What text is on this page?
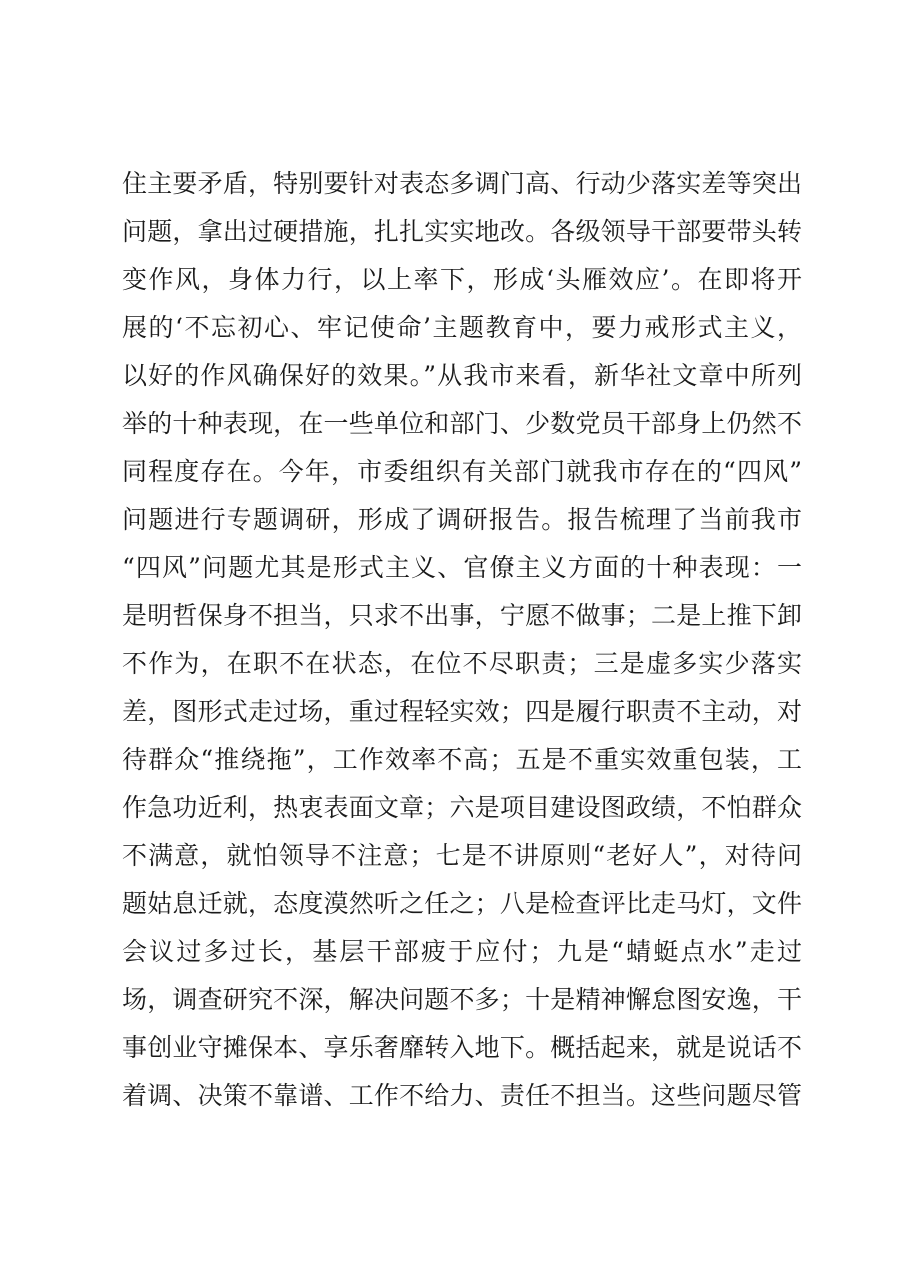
住主要矛盾，特别要针对表态多调门高、行动少落实差等突出
问题，拿出过硬措施，扎扎实实地改。各级领导干部要带头转
变作风，身体力行，以上率下，形成‘头雁效应’。在即将开
展的‘不忘初心、牢记使命’主题教育中，要力戒形式主义，
以好的作风确保好的效果。”从我市来看，新华社文章中所列
举的十种表现，在一些单位和部门、少数党员干部身上仍然不
同程度存在。今年，市委组织有关部门就我市存在的“四风”
问题进行专题调研，形成了调研报告。报告梳理了当前我市
“四风”问题尤其是形式主义、官僚主义方面的十种表现：一
是明哲保身不担当，只求不出事，宁愿不做事；二是上推下卸
不作为，在职不在状态，在位不尽职责；三是虚多实少落实
差，图形式走过场，重过程轻实效；四是履行职责不主动，对
待群众“推绕拖”，工作效率不高；五是不重实效重包装，工
作急功近利，热衷表面文章；六是项目建设图政绩，不怕群众
不满意，就怕领导不注意；七是不讲原则“老好人”，对待问
题姑息迁就，态度漠然听之任之；八是检查评比走马灯，文件
会议过多过长，基层干部疲于应付；九是“蜻蜓点水”走过
场，调查研究不深，解决问题不多；十是精神懈怠图安逸，干
事创业守摊保本、享乐奢靡转入地下。概括起来，就是说话不
着调、决策不靠谱、工作不给力、责任不担当。这些问题尽管
